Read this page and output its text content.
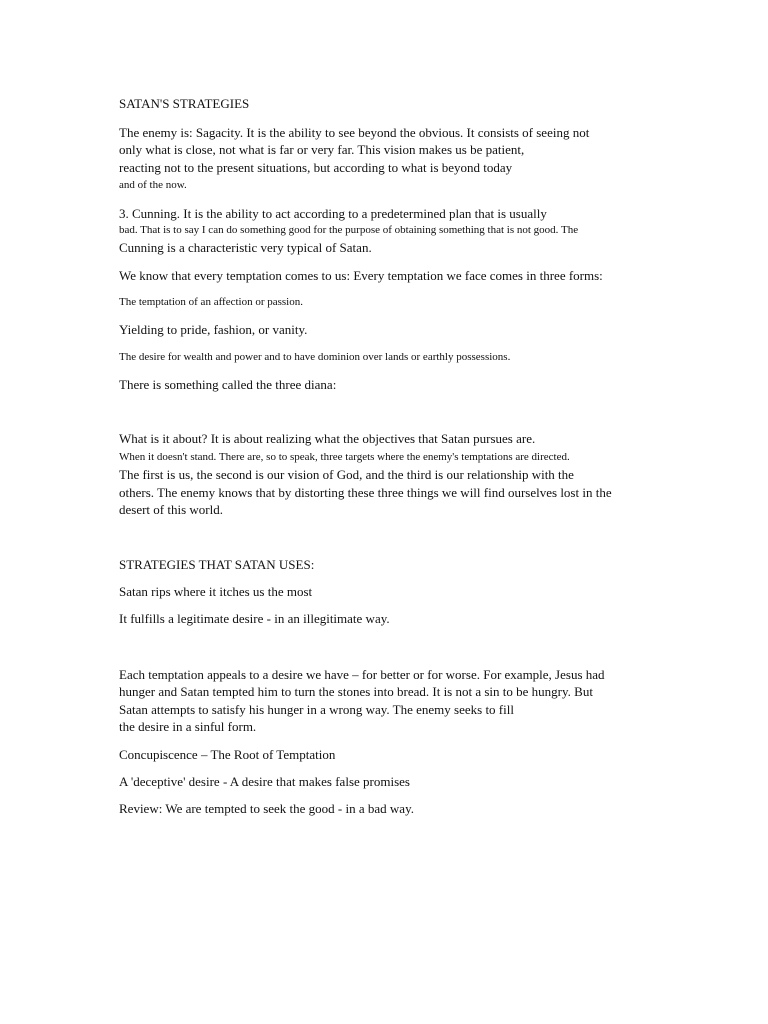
SATAN'S STRATEGIES
The enemy is: Sagacity. It is the ability to see beyond the obvious. It consists of seeing not
only what is close, not what is far or very far. This vision makes us be patient,
reacting not to the present situations, but according to what is beyond today
and of the now.
3. Cunning. It is the ability to act according to a predetermined plan that is usually
bad. That is to say I can do something good for the purpose of obtaining something that is not good. The
Cunning is a characteristic very typical of Satan.
We know that every temptation comes to us: Every temptation we face comes in three forms:
The temptation of an affection or passion.
Yielding to pride, fashion, or vanity.
The desire for wealth and power and to have dominion over lands or earthly possessions.
There is something called the three diana:
What is it about? It is about realizing what the objectives that Satan pursues are.
When it doesn't stand. There are, so to speak, three targets where the enemy's temptations are directed.
The first is us, the second is our vision of God, and the third is our relationship with the
others. The enemy knows that by distorting these three things we will find ourselves lost in the
desert of this world.
STRATEGIES THAT SATAN USES:
Satan rips where it itches us the most
It fulfills a legitimate desire - in an illegitimate way.
Each temptation appeals to a desire we have – for better or for worse. For example, Jesus had
hunger and Satan tempted him to turn the stones into bread. It is not a sin to be hungry. But
Satan attempts to satisfy his hunger in a wrong way. The enemy seeks to fill
the desire in a sinful form.
Concupiscence – The Root of Temptation
A 'deceptive' desire - A desire that makes false promises
Review: We are tempted to seek the good - in a bad way.
